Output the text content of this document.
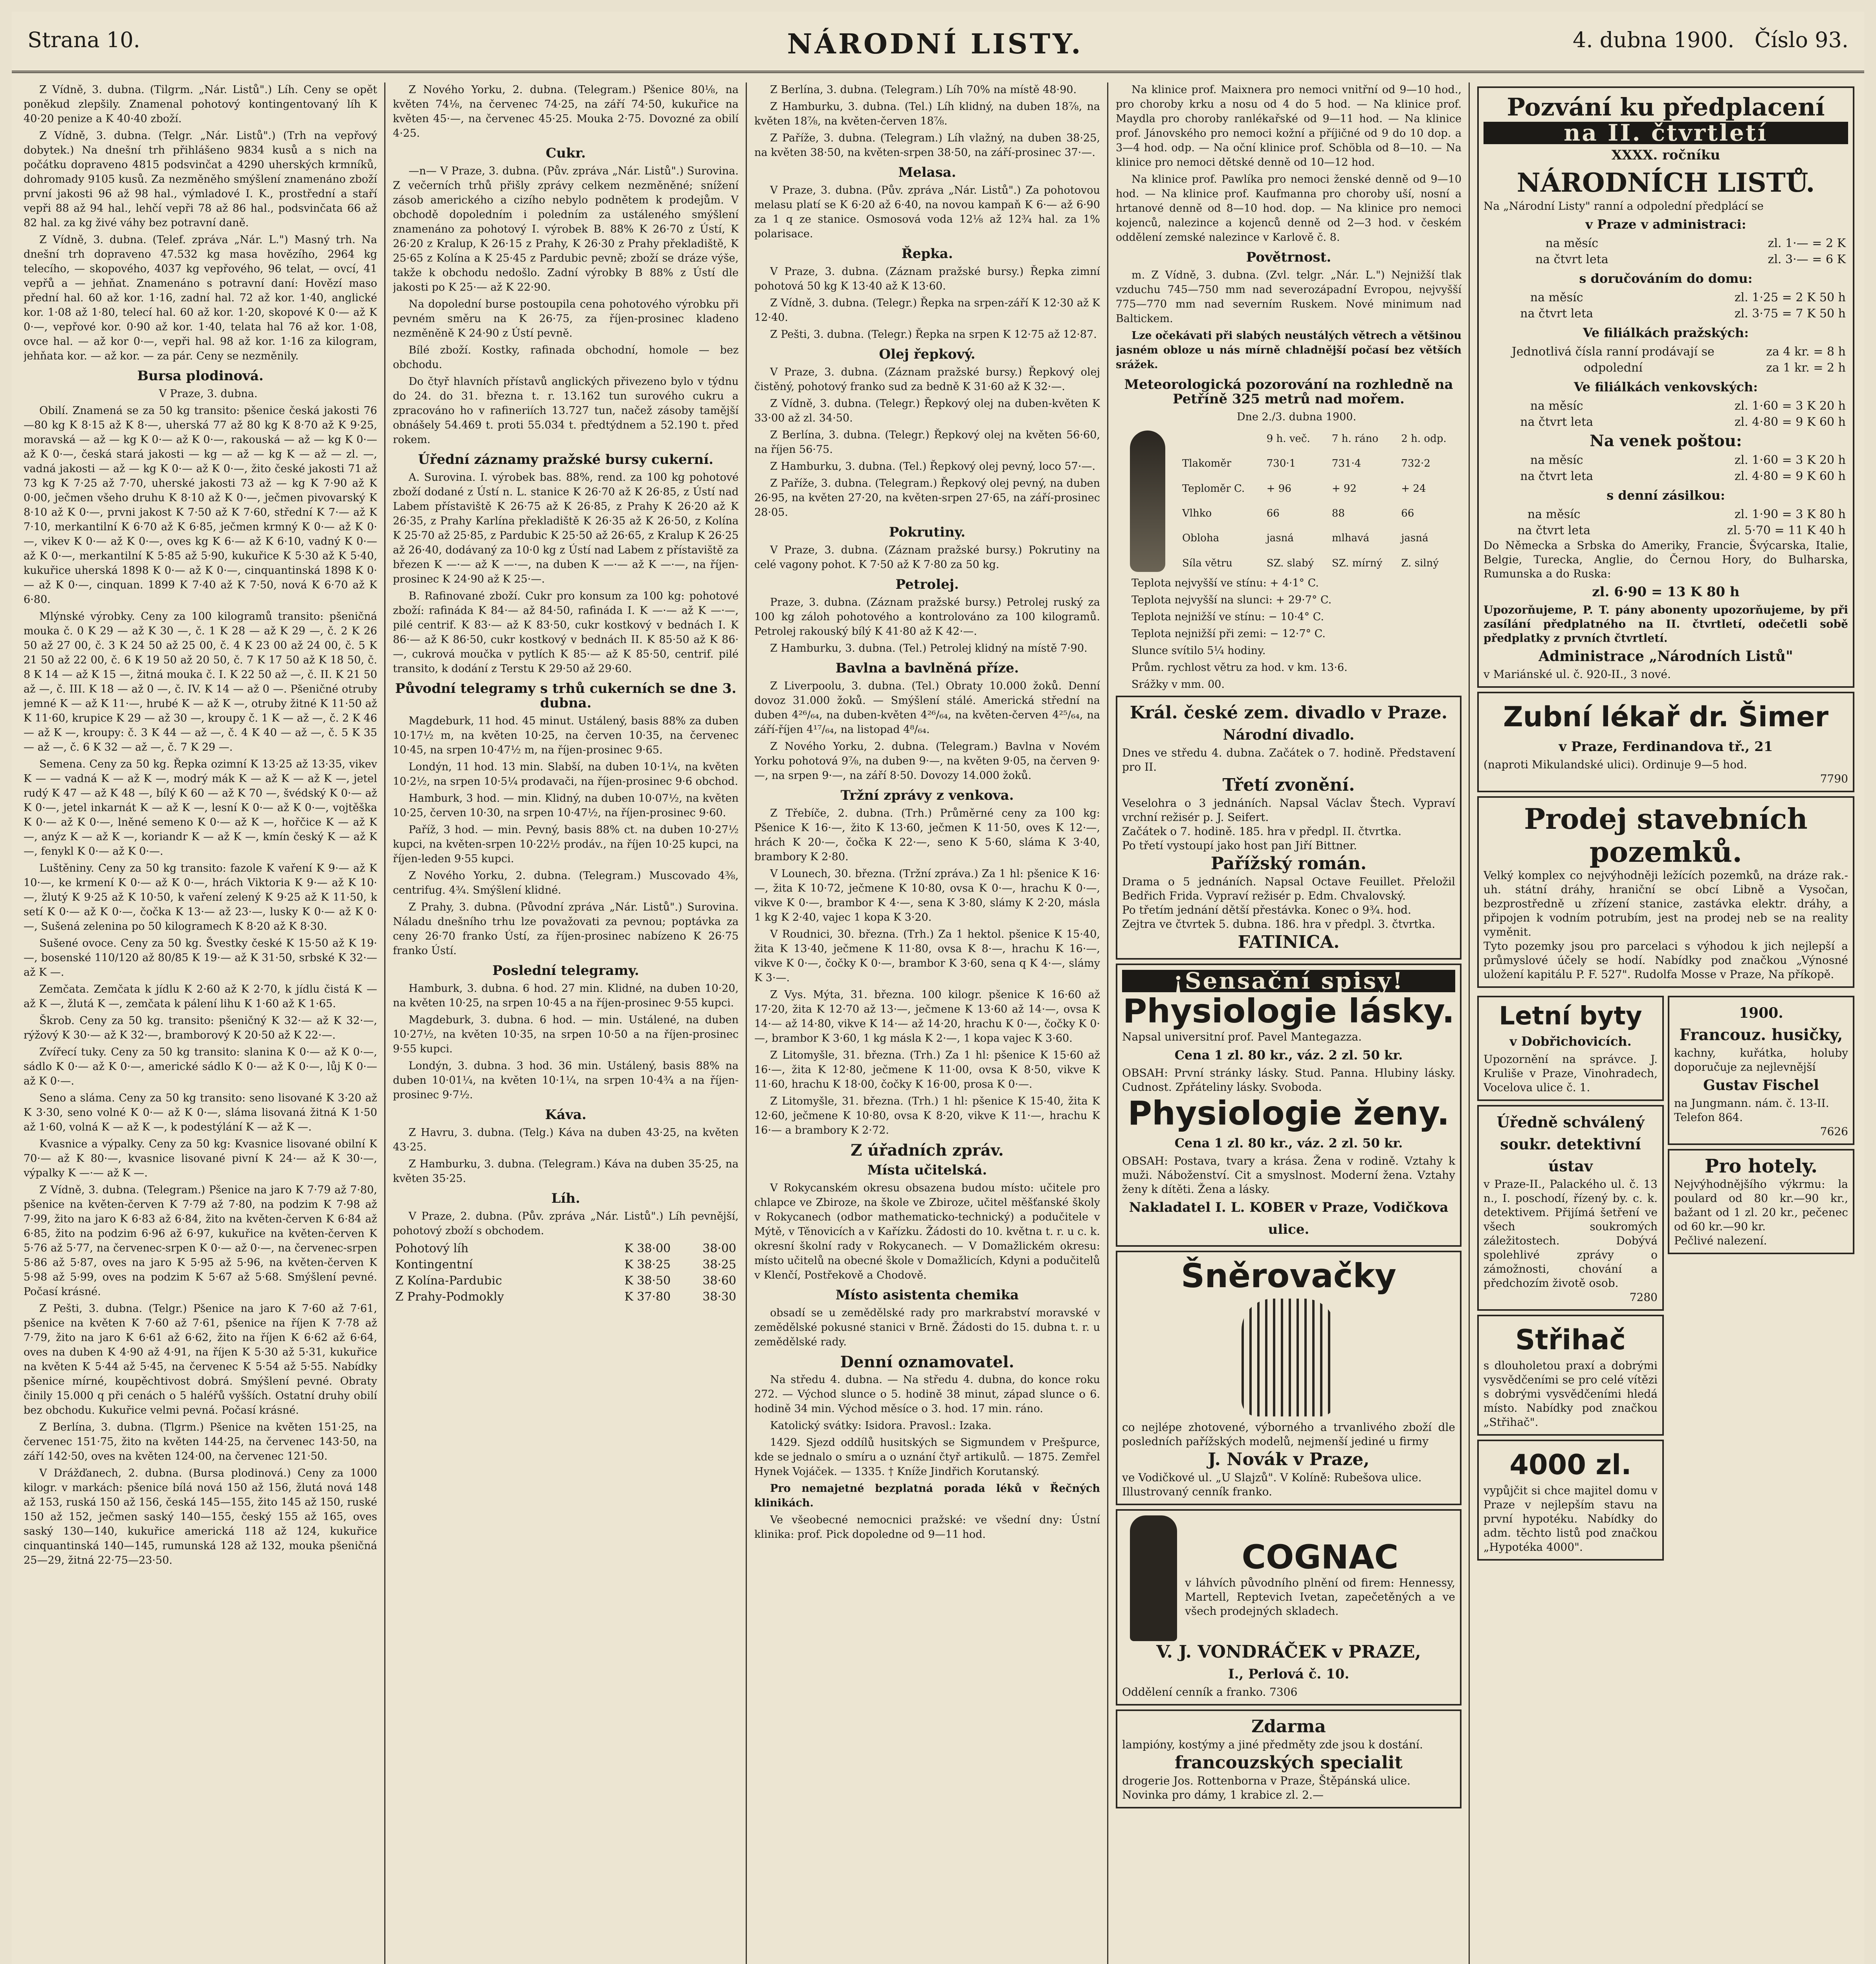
Strana 10.	NÁRODNÍ LISTY.	4. dubna 1900. Číslo 93.

Z Vídně, 3. dubna. (Tilgrm. „Nár. Listů".) Líh. Ceny se opět poněkud zlepšily. Znamenal pohotový kontingentovaný líh K 40·20 penize a K 40·40 zboží.

Z Vídně, 3. dubna. (Telgr. „Nár. Listů".) (Trh na vepřový dobytek.) Na dnešní trh přihlášeno 9834 kusů a s nich na počátku dopraveno 4815 podsvinčat a 4290 uherských krmníků, dohromady 9105 kusů. Za nezměněho smýšlení znamenáno zboží první jakosti 96 až 98 hal., výmladové I. K., prostřední a staří vepři 88 až 94 hal., lehčí vepři 78 až 86 hal., podsvinčata 66 až 82 hal. za kg živé váhy bez potravní daně.

Z Vídně, 3. dubna. (Telef. zpráva „Nár. L.") Masný trh. Na dnešní trh dopraveno 47.532 kg masa hovězího, 2964 kg telecího, — skopového, 4037 kg vepřového, 96 telat, — ovcí, 41 vepřů a — jehňat. Znamenáno s potravní daní: Hovězí maso přední hal. 60 až kor. 1·16, zadní hal. 72 až kor. 1·40, anglické kor. 1·08 až 1·80, telecí hal. 60 až kor. 1·20, skopové K 0·— až K 0·—, vepřové kor. 0·90 až kor. 1·40, telata hal 76 až kor. 1·08, ovce hal. — až kor 0·—, vepři hal. 98 až kor. 1·16 za kilogram, jehňata kor. — až kor. — za pár. Ceny se nezměnily.

Bursa plodinová.

V Praze, 3. dubna.

Obilí. Znamená se za 50 kg transito: pšenice česká jakosti 76—80 kg K 8·15 až K 8·—, uherská 77 až 80 kg K 8·70 až K 9·25, moravská — až — kg K 0·— až K 0·—, rakouská — až — kg K 0·— až K 0·—, česká stará jakosti — kg — až — kg K — až — zl. —, vadná jakosti — až — kg K 0·— až K 0·—, žito české jakosti 71 až 73 kg K 7·25 až 7·70, uherské jakosti 73 až — kg K 7·90 až K 0·00, ječmen všeho druhu K 8·10 až K 0·—, ječmen pivovarský K 8·10 až K 0·—, prvni jakost K 7·50 až K 7·60, střední K 7·— až K 7·10, merkantilní K 6·70 až K 6·85, ječmen krmný K 0·— až K 0·—, vikev K 0·— až K 0·—, oves kg K 6·— až K 6·10, vadný K 0·— až K 0·—, merkantilní K 5·85 až 5·90, kukuřice K 5·30 až K 5·40, kukuřice uherská 1898 K 0·— až K 0·—, cinquantinská 1898 K 0·— až K 0·—, cinquan. 1899 K 7·40 až K 7·50, nová K 6·70 až K 6·80.

Mlýnské výrobky. Ceny za 100 kilogramů transito: pšeničná mouka č. 0 K 29 — až K 30 —, č. 1 K 28 — až K 29 —, č. 2 K 26 50 až 27 00, č. 3 K 24 50 až 25 00, č. 4 K 23 00 až 24 00, č. 5 K 21 50 až 22 00, č. 6 K 19 50 až 20 50, č. 7 K 17 50 až K 18 50, č. 8 K 14 — až K 15 —, žitná mouka č. I. K 22 50 až —, č. II. K 21 50 až —, č. III. K 18 — až 0 —, č. IV. K 14 — až 0 —. Pšeničné otruby jemné K — až K 11·—, hrubé K — až K —, otruby žitné K 11·50 až K 11·60, krupice K 29 — až 30 —, kroupy č. 1 K — až —, č. 2 K 46 — až K —, kroupy: č. 3 K 44 — až —, č. 4 K 40 — až —, č. 5 K 35 — až —, č. 6 K 32 — až —, č. 7 K 29 —.

Semena. Ceny za 50 kg. Řepka ozimní K 13·25 až 13·35, vikev K — — vadná K — až K —, modrý mák K — až K — až K —, jetel rudý K 47 — až K 48 —, bílý K 60 — až K 70 —, švédský K 0·— až K 0·—, jetel inkarnát K — až K —, lesní K 0·— až K 0·—, vojtěška K 0·— až K 0·—, lněné semeno K 0·— až K —, hořčice K — až K —, anýz K — až K —, koriandr K — až K —, kmín český K — až K —, fenykl K 0·— až K 0·—.

Luštěniny. Ceny za 50 kg transito: fazole K vaření K 9·— až K 10·—, ke krmení K 0·— až K 0·—, hrách Viktoria K 9·— až K 10·—, žlutý K 9·25 až K 10·50, k vaření zelený K 9·25 až K 11·50, k setí K 0·— až K 0·—, čočka K 13·— až 23·—, lusky K 0·— až K 0·—, Sušená zelenina po 50 kilogramech K 8·20 až K 8·30.

Sušené ovoce. Ceny za 50 kg. Švestky české K 15·50 až K 19·—, bosenské 110/120 až 80/85 K 19·— až K 31·50, srbské K 32·— až K —.

Zemčata. Zemčata k jídlu K 2·60 až K 2·70, k jídlu čistá K — až K —, žlutá K —, zemčata k pálení lihu K 1·60 až K 1·65.

Škrob. Ceny za 50 kg. transito: pšeničný K 32·— až K 32·—, rýžový K 30·— až K 32·—, bramborový K 20·50 až K 22·—.

Zvířecí tuky. Ceny za 50 kg transito: slanina K 0·— až K 0·—, sádlo K 0·— až K 0·—, americké sádlo K 0·— až K 0·—, lůj K 0·— až K 0·—.

Seno a sláma. Ceny za 50 kg transito: seno lisované K 3·20 až K 3·30, seno volné K 0·— až K 0·—, sláma lisovaná žitná K 1·50 až 1·60, volná K — až K —, k podestýlání K — až K —.

Kvasnice a výpalky. Ceny za 50 kg: Kvasnice lisované obilní K 70·— až K 80·—, kvasnice lisované pivní K 24·— až K 30·—, výpalky K —·— až K —.

Z Vídně, 3. dubna. (Telegram.) Pšenice na jaro K 7·79 až 7·80, pšenice na květen-červen K 7·79 až 7·80, na podzim K 7·98 až 7·99, žito na jaro K 6·83 až 6·84, žito na květen-červen K 6·84 až 6·85, žito na podzim 6·96 až 6·97, kukuřice na květen-červen K 5·76 až 5·77, na červenec-srpen K 0·— až 0·—, na červenec-srpen 5·86 až 5·87, oves na jaro K 5·95 až 5·96, na květen-červen K 5·98 až 5·99, oves na podzim K 5·67 až 5·68. Smýšlení pevné. Počasí krásné.

Z Pešti, 3. dubna. (Telgr.) Pšenice na jaro K 7·60 až 7·61, pšenice na květen K 7·60 až 7·61, pšenice na říjen K 7·78 až 7·79, žito na jaro K 6·61 až 6·62, žito na říjen K 6·62 až 6·64, oves na duben K 4·90 až 4·91, na říjen K 5·30 až 5·31, kukuřice na květen K 5·44 až 5·45, na červenec K 5·54 až 5·55. Nabídky pšenice mírné, koupěchtivost dobrá. Smýšlení pevné. Obraty činily 15.000 q při cenách o 5 haléřů vyšších. Ostatní druhy obilí bez obchodu. Kukuřice velmi pevná. Počasí krásné.

Z Berlína, 3. dubna. (Tlgrm.) Pšenice na květen 151·25, na červenec 151·75, žito na květen 144·25, na červenec 143·50, na září 142·50, oves na květen 124·00, na červenec 121·50.

V Drážďanech, 2. dubna. (Bursa plodinová.) Ceny za 1000 kilogr. v markách: pšenice bílá nová 150 až 156, žlutá nová 148 až 153, ruská 150 až 156, česká 145—155, žito 145 až 150, ruské 150 až 152, ječmen saský 140—155, český 155 až 165, oves saský 130—140, kukuřice americká 118 až 124, kukuřice cinquantinská 140—145, rumunská 128 až 132, mouka pšeničná 25—29, žitná 22·75—23·50.

Z Nového Yorku, 2. dubna. (Telegram.) Pšenice 80⅛, na květen 74⅛, na červenec 74·25, na září 74·50, kukuřice na květen 45·—, na červenec 45·25. Mouka 2·75. Dovozné za obilí 4·25.

Cukr.

—n— V Praze, 3. dubna. (Pův. zpráva „Nár. Listů".) Surovina. Z večerních trhů přišly zprávy celkem nezměněné; snížení zásob amerického a cizího nebylo podnětem k prodejům. V obchodě dopoledním i poledním za ustáleného smýšlení znamenáno za pohotový I. výrobek B. 88% K 26·70 z Ústí, K 26·20 z Kralup, K 26·15 z Prahy, K 26·30 z Prahy překladiště, K 25·65 z Kolína a K 25·45 z Pardubic pevně; zboží se dráze výše, takže k obchodu nedošlo. Zadní výrobky B 88% z Ústí dle jakosti po K 25·— až K 22·90.

Na dopolední burse postoupila cena pohotového výrobku při pevném směru na K 26·75, za říjen-prosinec kladeno nezměněně K 24·90 z Ústí pevně.

Bílé zboží. Kostky, rafinada obchodní, homole — bez obchodu.

Do čtyř hlavních přístavů anglických přivezeno bylo v týdnu do 24. do 31. března t. r. 13.162 tun surového cukru a zpracováno ho v rafineriích 13.727 tun, načež zásoby tamější obnášely 54.469 t. proti 55.034 t. předtýdnem a 52.190 t. před rokem.

Úřední záznamy pražské bursy cukerní.

A. Surovina. I. výrobek bas. 88%, rend. za 100 kg pohotové zboží dodané z Ústí n. L. stanice K 26·70 až K 26·85, z Ústí nad Labem přístaviště K 26·75 až K 26·85, z Prahy K 26·20 až K 26·35, z Prahy Karlína překladiště K 26·35 až K 26·50, z Kolína K 25·70 až 25·85, z Pardubic K 25·50 až 26·65, z Kralup K 26·25 až 26·40, dodávaný za 10·0 kg z Ústí nad Labem z přístaviště za březen K —·— až K —·—, na duben K —·— až K —·—, na říjen-prosinec K 24·90 až K 25·—.

B. Rafinované zboží. Cukr pro konsum za 100 kg: pohotové zboží: rafináda K 84·— až 84·50, rafináda I. K —·— až K —·—, pilé centrif. K 83·— až K 83·50, cukr kostkový v bednách I. K 86·— až K 86·50, cukr kostkový v bednách II. K 85·50 až K 86·—, cukrová moučka v pytlích K 85·— až K 85·50, centrif. pilé transito, k dodání z Terstu K 29·50 až 29·60.

Původní telegramy s trhů cukerních se dne 3. dubna.

Magdeburk, 11 hod. 45 minut. Ustálený, basis 88% za duben 10·17½ m, na květen 10·25, na červen 10·35, na červenec 10·45, na srpen 10·47½ m, na říjen-prosinec 9·65.

Londýn, 11 hod. 13 min. Slabší, na duben 10·1¼, na květen 10·2½, na srpen 10·5¼ prodavači, na říjen-prosinec 9·6 obchod.

Hamburk, 3 hod. — min. Klidný, na duben 10·07½, na květen 10·25, červen 10·30, na srpen 10·47½, na říjen-prosinec 9·60.

Paříž, 3 hod. — min. Pevný, basis 88% ct. na duben 10·27½ kupci, na květen-srpen 10·22½ prodáv., na říjen 10·25 kupci, na říjen-leden 9·55 kupci.

Z Nového Yorku, 2. dubna. (Telegram.) Muscovado 4⅜, centrifug. 4¾. Smýšlení klidné.

Z Prahy, 3. dubna. (Původní zpráva „Nár. Listů".) Surovina. Náladu dnešního trhu lze považovati za pevnou; poptávka za ceny 26·70 franko Ústí, za říjen-prosinec nabízeno K 26·75 franko Ústí.

Poslední telegramy.

Hamburk, 3. dubna. 6 hod. 27 min. Klidné, na duben 10·20, na květen 10·25, na srpen 10·45 a na říjen-prosinec 9·55 kupci.

Magdeburk, 3. dubna. 6 hod. — min. Ustálené, na duben 10·27½, na květen 10·35, na srpen 10·50 a na říjen-prosinec 9·55 kupci.

Londýn, 3. dubna. 3 hod. 36 min. Ustálený, basis 88% na duben 10·01¼, na květen 10·1¼, na srpen 10·4¾ a na říjen-prosinec 9·7½.

Káva.

Z Havru, 3. dubna. (Telg.) Káva na duben 43·25, na květen 43·25.

Z Hamburku, 3. dubna. (Telegram.) Káva na duben 35·25, na květen 35·25.

Líh.

V Praze, 2. dubna. (Pův. zpráva „Nár. Listů".) Líh pevnější, pohotový zboží s obchodem.

Pohotový líh	K 38·00	38·00
Kontingentní	K 38·25	38·25
Z Kolína-Pardubic	K 38·50	38·60
Z Prahy-Podmokly	K 37·80	38·30

Z Berlína, 3. dubna. (Telegram.) Líh 70% na místě 48·90.

Z Hamburku, 3. dubna. (Tel.) Líh klidný, na duben 18⅞, na květen 18⅞, na květen-červen 18⅞.

Z Paříže, 3. dubna. (Telegram.) Líh vlažný, na duben 38·25, na květen 38·50, na květen-srpen 38·50, na září-prosinec 37·—.

Melasa.

V Praze, 3. dubna. (Pův. zpráva „Nár. Listů".) Za pohotovou melasu platí se K 6·20 až 6·40, na novou kampaň K 6·— až 6·90 za 1 q ze stanice. Osmosová voda 12⅛ až 12¾ hal. za 1% polarisace.

Řepka.

V Praze, 3. dubna. (Záznam pražské bursy.) Řepka zimní pohotová 50 kg K 13·40 až K 13·60.

Z Vídně, 3. dubna. (Telegr.) Řepka na srpen-září K 12·30 až K 12·40.

Z Pešti, 3. dubna. (Telegr.) Řepka na srpen K 12·75 až 12·87.

Olej řepkový.

V Praze, 3. dubna. (Záznam pražské bursy.) Řepkový olej čistěný, pohotový franko sud za bedně K 31·60 až K 32·—.

Z Vídně, 3. dubna. (Telegr.) Řepkový olej na duben-květen K 33·00 až zl. 34·50.

Z Berlína, 3. dubna. (Telegr.) Řepkový olej na květen 56·60, na říjen 56·75.

Z Hamburku, 3. dubna. (Tel.) Řepkový olej pevný, loco 57·—.

Z Paříže, 3. dubna. (Telegram.) Řepkový olej pevný, na duben 26·95, na květen 27·20, na květen-srpen 27·65, na září-prosinec 28·05.

Pokrutiny.

V Praze, 3. dubna. (Záznam pražské bursy.) Pokrutiny na celé vagony pohot. K 7·50 až K 7·80 za 50 kg.

Petrolej.

Praze, 3. dubna. (Záznam pražské bursy.) Petrolej ruský za 100 kg záloh pohotového a kontrolováno za 100 kilogramů. Petrolej rakouský bílý K 41·80 až K 42·—.

Z Hamburku, 3. dubna. (Tel.) Petrolej klidný na místě 7·90.

Bavlna a bavlněná příze.

Z Liverpoolu, 3. dubna. (Tel.) Obraty 10.000 žoků. Denní dovoz 31.000 žoků. — Smýšlení stálé. Americká střední na duben 4²⁶/₆₄, na duben-květen 4²⁶/₆₄, na květen-červen 4²⁵/₆₄, na září-říjen 4¹⁷/₆₄, na listopad 4⁸/₆₄.

Z Nového Yorku, 2. dubna. (Telegram.) Bavlna v Novém Yorku pohotová 9⅞, na duben 9·—, na květen 9·05, na červen 9·—, na srpen 9·—, na září 8·50. Dovozy 14.000 žoků.

Tržní zprávy z venkova.

Z Třebíče, 2. dubna. (Trh.) Průměrné ceny za 100 kg: Pšenice K 16·—, žito K 13·60, ječmen K 11·50, oves K 12·—, hrách K 20·—, čočka K 22·—, seno K 5·60, sláma K 3·40, brambory K 2·80.

V Lounech, 30. března. (Tržní zpráva.) Za 1 hl: pšenice K 16·—, žita K 10·72, ječmene K 10·80, ovsa K 0·—, hrachu K 0·—, vikve K 0·—, brambor K 4·—, sena K 3·80, slámy K 2·20, másla 1 kg K 2·40, vajec 1 kopa K 3·20.

V Roudnici, 30. března. (Trh.) Za 1 hektol. pšenice K 15·40, žita K 13·40, ječmene K 11·80, ovsa K 8·—, hrachu K 16·—, vikve K 0·—, čočky K 0·—, brambor K 3·60, sena q K 4·—, slámy K 3·—.

Z Vys. Mýta, 31. března. 100 kilogr. pšenice K 16·60 až 17·20, žita K 12·70 až 13·—, ječmene K 13·60 až 14·—, ovsa K 14·— až 14·80, vikve K 14·— až 14·20, hrachu K 0·—, čočky K 0·—, brambor K 3·60, 1 kg másla K 2·—, 1 kopa vajec K 3·60.

Z Litomyšle, 31. března. (Trh.) Za 1 hl: pšenice K 15·60 až 16·—, žita K 12·80, ječmene K 11·00, ovsa K 8·50, vikve K 11·60, hrachu K 18·00, čočky K 16·00, prosa K 0·—.

Z Litomyšle, 31. března. (Trh.) 1 hl: pšenice K 15·40, žita K 12·60, ječmene K 10·80, ovsa K 8·20, vikve K 11·—, hrachu K 16·— a brambory K 2·72.

Z úřadních zpráv.
Místa učitelská.

V Rokycanském okresu obsazena budou místo: učitele pro chlapce ve Zbiroze, na škole ve Zbiroze, učitel měšťanské školy v Rokycanech (odbor mathematicko-technický) a podučitele v Mýtě, v Těnovicích a v Kařízku. Žádosti do 10. května t. r. u c. k. okresní školní rady v Rokycanech. — V Domažlickém okresu: místo učitelů na obecné škole v Domažlicích, Kdyni a podučitelů v Klenčí, Postřekově a Chodově.

Místo asistenta chemika

obsadí se u zemědělské rady pro markrabství moravské v zemědělské pokusné stanici v Brně. Žádosti do 15. dubna t. r. u zemědělské rady.

Denní oznamovatel.

Na středu 4. dubna. — Na středu 4. dubna, do konce roku 272. — Východ slunce o 5. hodině 38 minut, západ slunce o 6. hodině 34 min. Východ měsíce o 3. hod. 17 min. ráno.

Katolický svátky: Isidora. Pravosl.: Izaka.

1429. Sjezd oddílů husitských se Sigmundem v Prešpurce, kde se jednalo o smíru a o uznání čtyř artikulů. — 1875. Zemřel Hynek Vojáček. — 1335. † Kníže Jindřich Korutanský.

Pro nemajetné bezplatná porada léků v Řečných klinikách.

Ve všeobecné nemocnici pražské: ve všední dny: Ústní klinika: prof. Pick dopoledne od 9—11 hod.

Na klinice prof. Maixnera pro nemoci vnitřní od 9—10 hod., pro choroby krku a nosu od 4 do 5 hod. — Na klinice prof. Maydla pro choroby ranlékařské od 9—11 hod. — Na klinice prof. Jánovského pro nemoci kožní a příjičné od 9 do 10 dop. a 3—4 hod. odp. — Na oční klinice prof. Schöbla od 8—10. — Na klinice pro nemoci dětské denně od 10—12 hod.

Na klinice prof. Pawlíka pro nemoci ženské denně od 9—10 hod. — Na klinice prof. Kaufmanna pro choroby uší, nosní a hrtanové denně od 8—10 hod. dop. — Na klinice pro nemoci kojenců, nalezince a kojenců denně od 2—3 hod. v českém oddělení zemské nalezince v Karlově č. 8.

Povětrnost.

m. Z Vídně, 3. dubna. (Zvl. telgr. „Nár. L.") Nejnižší tlak vzduchu 745—750 mm nad severozápadní Evropou, nejvyšší 775—770 mm nad severním Ruskem. Nové minimum nad Baltickem.

Lze očekávati při slabých neustálých větrech a většinou jasném obloze u nás mírně chladnější počasí bez větších srážek.

Meteorologická pozorování na rozhledně na Petříně 325 metrů nad mořem.

Dne 2./3. dubna 1900.

	9 h. več.	7 h. ráno	2 h. odp.
Tlakoměr	730·1	731·4	732·2
Teploměr C.	+ 96	+ 92	+ 24
Vlhko	66	88	66
Obloha	jasná	mlhavá	jasná
Síla větru	SZ. slabý	SZ. mírný	Z. silný

Teplota nejvyšší ve stínu: + 4·1° C.

Teplota nejvyšší na slunci: + 29·7° C.

Teplota nejnižší ve stínu: − 10·4° C.

Teplota nejnižší při zemi: − 12·7° C.

Slunce svítilo 5¼ hodiny.

Prům. rychlost větru za hod. v km. 13·6.

Srážky v mm. 00.

Král. české zem. divadlo v Praze.
Národní divadlo.
Dnes ve středu 4. dubna. Začátek o 7. hodině. Představení pro II.
Třetí zvonění.
Veselohra o 3 jednáních. Napsal Václav Štech. Vypraví vrchní režisér p. J. Seifert.
Začátek o 7. hodině. 185. hra v předpl. II. čtvrtka.
Po třetí vystoupí jako host pan Jiří Bittner.
Pařížský román.
Drama o 5 jednáních. Napsal Octave Feuillet. Přeložil Bedřich Frida. Vypraví režisér p. Edm. Chvalovský.
Po třetím jednání dětší přestávka. Konec o 9¾. hod.
Zejtra ve čtvrtek 5. dubna. 186. hra v předpl. 3. čtvrtka.
FATINICA.
¡Sensační spisy!
Physiologie lásky.
Napsal universitní prof. Pavel Mantegazza.
Cena 1 zl. 80 kr., váz. 2 zl. 50 kr.
OBSAH: První stránky lásky. Stud. Panna. Hlubiny lásky. Cudnost. Zpřáteliny lásky. Svoboda.
Physiologie ženy.
Cena 1 zl. 80 kr., váz. 2 zl. 50 kr.
OBSAH: Postava, tvary a krása. Žena v rodině. Vztahy k muži. Náboženství. Cit a smyslnost. Moderní žena. Vztahy ženy k dítěti. Žena a lásky.
Nakladatel I. L. KOBER v Praze, Vodičkova ulice.
Šněrovačky
co nejlépe zhotovené, výborného a trvanlivého zboží dle posledních pařížských modelů, nejmenší jediné u firmy
J. Novák v Praze,
ve Vodičkové ul. „U Slajzů". V Kolíně: Rubešova ulice.
Illustrovaný cenník franko.
COGNAC
v láhvích původního plnění od firem: Hennessy, Martell, Reptevich Ivetan, zapečetěných a ve všech prodejných skladech.
V. J. VONDRÁČEK v PRAZE,
I., Perlová č. 10.
Oddělení cenník a franko. 7306
Zdarma
lampióny, kostýmy a jiné předměty zde jsou k dostání.
francouzských specialit
drogerie Jos. Rottenborna v Praze, Štěpánská ulice.
Novinka pro dámy, 1 krabice zl. 2.—
Pozvání ku předplacení
na II. čtvrtletí
XXXX. ročníku
NÁRODNÍCH LISTŮ.
Na „Národní Listy" ranní a odpolední předplácí se
v Praze v administraci:
na měsíc	zl. 1·— = 2 K
na čtvrt leta	zl. 3·— = 6 K
s doručováním do domu:
na měsíc	zl. 1·25 = 2 K 50 h
na čtvrt leta	zl. 3·75 = 7 K 50 h
Ve filiálkách pražských:
Jednotlivá čísla ranní prodávají se	za 4 kr. = 8 h
odpolední	za 1 kr. = 2 h
Ve filiálkách venkovských:
na měsíc	zl. 1·60 = 3 K 20 h
na čtvrt leta	zl. 4·80 = 9 K 60 h
Na venek poštou:
na měsíc	zl. 1·60 = 3 K 20 h
na čtvrt leta	zl. 4·80 = 9 K 60 h
s denní zásilkou:
na měsíc	zl. 1·90 = 3 K 80 h
na čtvrt leta	zl. 5·70 = 11 K 40 h
Do Německa a Srbska do Ameriky, Francie, Švýcarska, Italie, Belgie, Turecka, Anglie, do Černou Hory, do Bulharska, Rumunska a do Ruska:
zl. 6·90 = 13 K 80 h
Upozorňujeme, P. T. pány abonenty upozorňujeme, by při zasílání předplatného na II. čtvrtletí, odečetli sobě předplatky z prvních čtvrtletí.
Administrace „Národních Listů"
v Mariánské ul. č. 920-II., 3 nové.
Zubní lékař dr. Šimer
v Praze, Ferdinandova tř., 21
(naproti Mikulandské ulici). Ordinuje 9—5 hod.
7790
Prodej stavebních pozemků.
Velký komplex co nejvýhodněji ležících pozemků, na dráze rak.-uh. státní dráhy, hraniční se obcí Libně a Vysočan, bezprostředně u zřízení stanice, zastávka elektr. dráhy, a připojen k vodním potrubím, jest na prodej neb se na reality vyměnit.
Tyto pozemky jsou pro parcelaci s výhodou k jich nejlepší a průmyslové účely se hodí. Nabídky pod značkou „Výnosné uložení kapitálu P. F. 527". Rudolfa Mosse v Praze, Na příkopě.
Letní byty
v Dobřichovicích.
Upozornění na správce. J. Kruliše v Praze, Vinohradech, Vocelova ulice č. 1.
Úředně schválený soukr. detektivní ústav
v Praze-II., Palackého ul. č. 13 n., I. poschodí, řízený by. c. k. detektivem. Přijímá šetření ve všech soukromých záležitostech. Dobývá spolehlivé zprávy o zámožnosti, chování a předchozím životě osob.
7280
Střihač
s dlouholetou praxí a dobrými vysvědčeními se pro celé vítězi s dobrými vysvědčeními hledá místo. Nabídky pod značkou „Střihač".
4000 zl.
vypůjčit si chce majitel domu v Praze v nejlepším stavu na první hypotéku. Nabídky do adm. těchto listů pod značkou „Hypotéka 4000".
1900.
Francouz. husičky,
kachny, kuřátka, holuby doporučuje za nejlevnější
Gustav Fischel
na Jungmann. nám. č. 13-II.
Telefon 864.
7626
Pro hotely.
Nejvýhodnějšího výkrmu: la poulard od 80 kr.—90 kr., bažant od 1 zl. 20 kr., pečenec od 60 kr.—90 kr.
Pečlivé nalezení.
